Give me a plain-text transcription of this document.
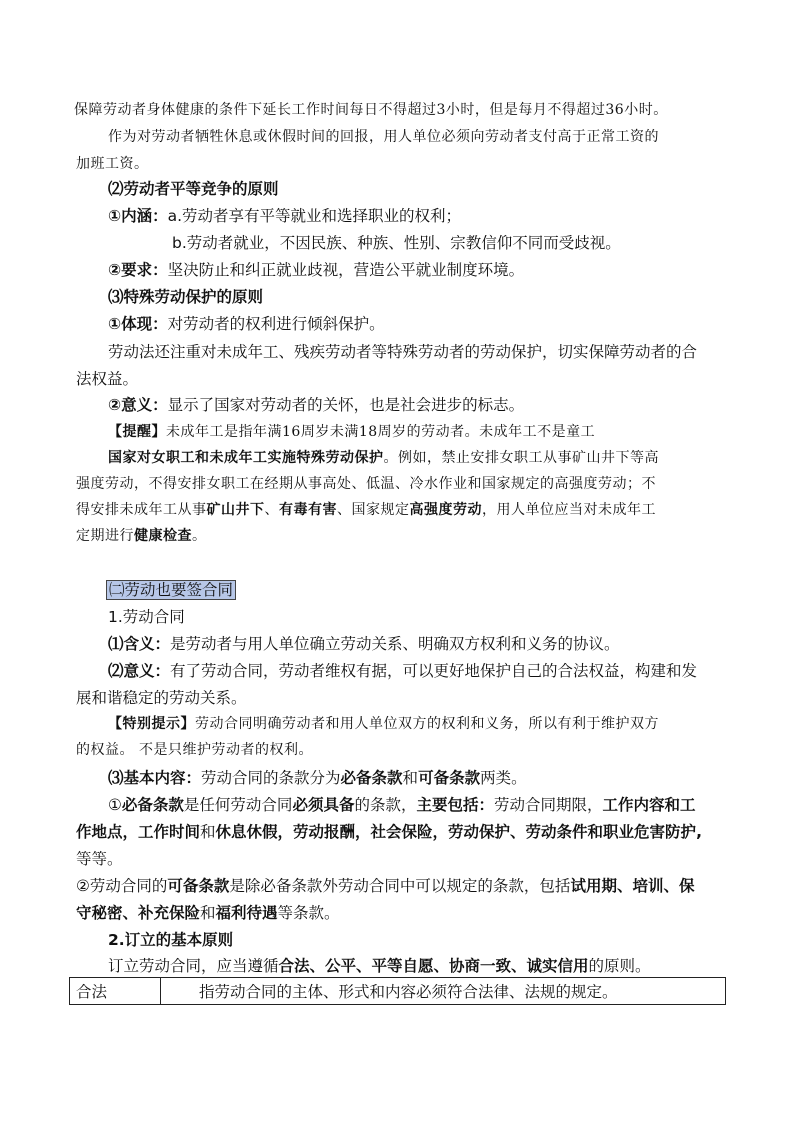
保障劳动者身体健康的条件下延长工作时间每日不得超过3小时，但是每月不得超过36小时。
作为对劳动者牺牲休息或休假时间的回报，用人单位必须向劳动者支付高于正常工资的
加班工资。
⑵劳动者平等竞争的原则
①内涵：a.劳动者享有平等就业和选择职业的权利；
b.劳动者就业，不因民族、种族、性别、宗教信仰不同而受歧视。
②要求：坚决防止和纠正就业歧视，营造公平就业制度环境。
⑶特殊劳动保护的原则
①体现：对劳动者的权利进行倾斜保护。
劳动法还注重对未成年工、残疾劳动者等特殊劳动者的劳动保护，切实保障劳动者的合
法权益。
②意义：显示了国家对劳动者的关怀，也是社会进步的标志。
【提醒】未成年工是指年满16周岁未满18周岁的劳动者。未成年工不是童工
国家对女职工和未成年工实施特殊劳动保护。例如，禁止安排女职工从事矿山井下等高
强度劳动，不得安排女职工在经期从事高处、低温、冷水作业和国家规定的高强度劳动；不
得安排未成年工从事矿山井下、有毒有害、国家规定高强度劳动，用人单位应当对未成年工
定期进行健康检查。
㈡劳动也要签合同
1.劳动合同
⑴含义：是劳动者与用人单位确立劳动关系、明确双方权利和义务的协议。
⑵意义：有了劳动合同，劳动者维权有据，可以更好地保护自己的合法权益，构建和发
展和谐稳定的劳动关系。
【特别提示】劳动合同明确劳动者和用人单位双方的权利和义务，所以有利于维护双方
的权益。 不是只维护劳动者的权利。
⑶基本内容：劳动合同的条款分为必备条款和可备条款两类。
①必备条款是任何劳动合同必须具备的条款，主要包括：劳动合同期限，工作内容和工
作地点，工作时间和休息休假，劳动报酬，社会保险，劳动保护、劳动条件和职业危害防护,
等等。
②劳动合同的可备条款是除必备条款外劳动合同中可以规定的条款，包括试用期、培训、保
守秘密、补充保险和福利待遇等条款。
2.订立的基本原则
订立劳动合同，应当遵循合法、公平、平等自愿、协商一致、诚实信用的原则。
合法	指劳动合同的主体、形式和内容必须符合法律、法规的规定。
